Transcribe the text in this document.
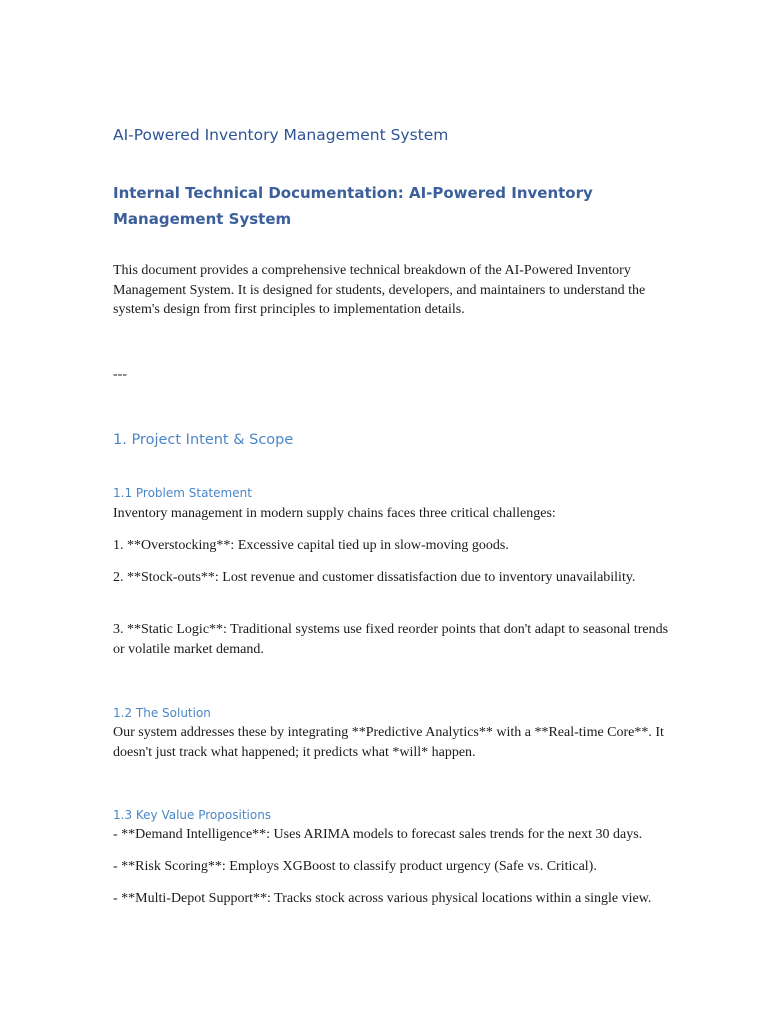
AI-Powered Inventory Management System
Internal Technical Documentation: AI-Powered Inventory Management System

This document provides a comprehensive technical breakdown of the AI-Powered Inventory Management System. It is designed for students, developers, and maintainers to understand the system's design from first principles to implementation details.

---

1. Project Intent & Scope
1.1 Problem Statement

Inventory management in modern supply chains faces three critical challenges:

1. **Overstocking**: Excessive capital tied up in slow-moving goods.

2. **Stock-outs**: Lost revenue and customer dissatisfaction due to inventory unavailability.

3. **Static Logic**: Traditional systems use fixed reorder points that don't adapt to seasonal trends or volatile market demand.

1.2 The Solution

Our system addresses these by integrating **Predictive Analytics** with a **Real-time Core**. It doesn't just track what happened; it predicts what *will* happen.

1.3 Key Value Propositions

- **Demand Intelligence**: Uses ARIMA models to forecast sales trends for the next 30 days.

- **Risk Scoring**: Employs XGBoost to classify product urgency (Safe vs. Critical).

- **Multi-Depot Support**: Tracks stock across various physical locations within a single view.
